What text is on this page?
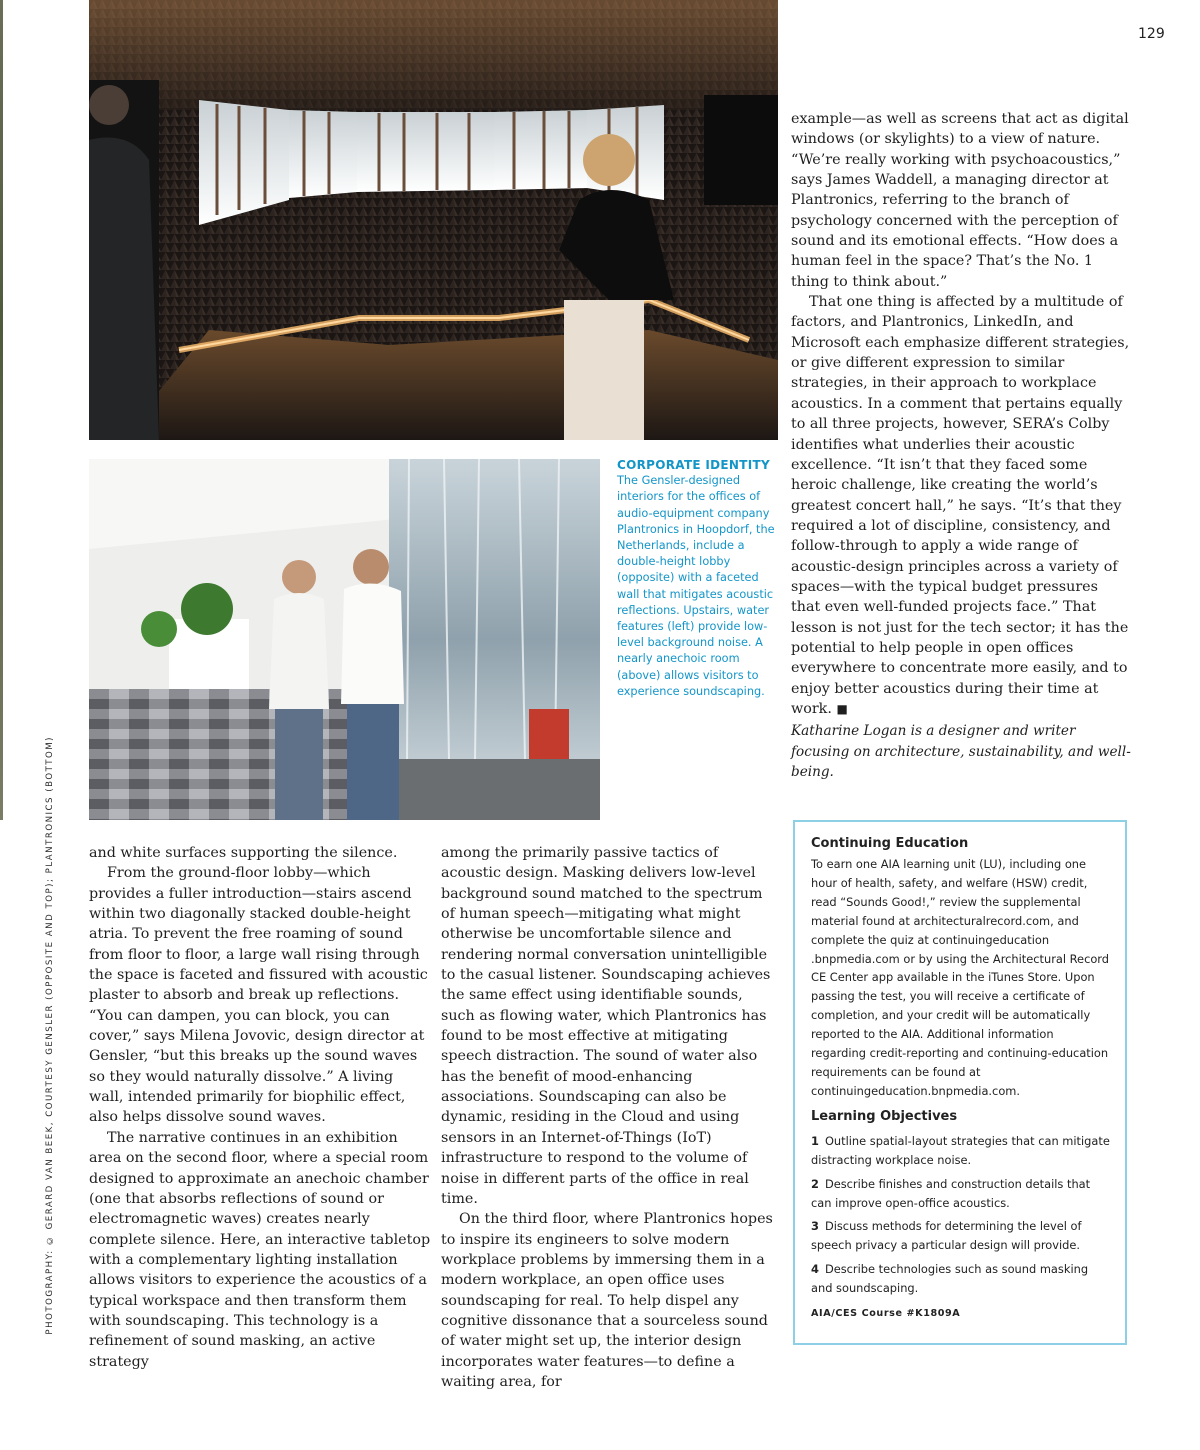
129
PHOTOGRAPHY: © GERARD VAN BEEK, COURTESY GENSLER (OPPOSITE AND TOP); PLANTRONICS (BOTTOM)
CORPORATE IDENTITY

The Gensler-designed interiors for the offices of audio-equipment company Plantronics in Hoopdorf, the Netherlands, include a double-height lobby (opposite) with a faceted wall that mitigates acoustic reflections. Upstairs, water features (left) provide low-level background noise. A nearly anechoic room (above) allows visitors to experience soundscaping.

example—as well as screens that act as digital windows (or skylights) to a view of nature. “We’re really working with psychoacoustics,” says James Waddell, a managing director at Plantronics, referring to the branch of psychology concerned with the perception of sound and its emotional effects. “How does a human feel in the space? That’s the No. 1 thing to think about.”

That one thing is affected by a multitude of factors, and Plantronics, LinkedIn, and Microsoft each emphasize different strategies, or give different expression to similar strategies, in their approach to workplace acoustics. In a comment that pertains equally to all three projects, however, SERA’s Colby identifies what underlies their acoustic excellence. “It isn’t that they faced some heroic challenge, like creating the world’s greatest concert hall,” he says. “It’s that they required a lot of discipline, consistency, and follow-through to apply a wide range of acoustic-design principles across a variety of spaces—with the typical budget pressures that even well-funded projects face.” That lesson is not just for the tech sector; it has the potential to help people in open offices everywhere to concentrate more easily, and to enjoy better acoustics during their time at work. ■

Katharine Logan is a designer and writer focusing on architecture, sustainability, and well-being.

and white surfaces supporting the silence.

From the ground-floor lobby—which provides a fuller introduction—stairs ascend within two diagonally stacked double-height atria. To prevent the free roaming of sound from floor to floor, a large wall rising through the space is faceted and fissured with acoustic plaster to absorb and break up reflections. “You can dampen, you can block, you can cover,” says Milena Jovovic, design director at Gensler, “but this breaks up the sound waves so they would naturally dissolve.” A living wall, intended primarily for biophilic effect, also helps dissolve sound waves.

The narrative continues in an exhibition area on the second floor, where a special room designed to approximate an anechoic chamber (one that absorbs reflections of sound or electromagnetic waves) creates nearly complete silence. Here, an interactive tabletop with a complementary lighting installation allows visitors to experience the acoustics of a typical workspace and then transform them with soundscaping. This technology is a refinement of sound masking, an active strategy

among the primarily passive tactics of acoustic design. Masking delivers low-level background sound matched to the spectrum of human speech—mitigating what might otherwise be uncomfortable silence and rendering normal conversation unintelligible to the casual listener. Soundscaping achieves the same effect using identifiable sounds, such as flowing water, which Plantronics has found to be most effective at mitigating speech distraction. The sound of water also has the benefit of mood-enhancing associations. Soundscaping can also be dynamic, residing in the Cloud and using sensors in an Internet-of-Things (IoT) infrastructure to respond to the volume of noise in different parts of the office in real time.

On the third floor, where Plantronics hopes to inspire its engineers to solve modern workplace problems by immersing them in a modern workplace, an open office uses soundscaping for real. To help dispel any cognitive dissonance that a sourceless sound of water might set up, the interior design incorporates water features—to define a waiting area, for

Continuing Education

To earn one AIA learning unit (LU), including one hour of health, safety, and welfare (HSW) credit, read “Sounds Good!,” review the supplemental material found at architecturalrecord.com, and complete the quiz at continuingeducation .bnpmedia.com or by using the Architectural Record CE Center app available in the iTunes Store. Upon passing the test, you will receive a certificate of completion, and your credit will be automatically reported to the AIA. Additional information regarding credit-reporting and continuing-education requirements can be found at continuingeducation.bnpmedia.com.

Learning Objectives
1 Outline spatial-layout strategies that can mitigate distracting workplace noise.
2 Describe finishes and construction details that can improve open-office acoustics.
3 Discuss methods for determining the level of speech privacy a particular design will provide.
4 Describe technologies such as sound masking and soundscaping.
AIA/CES Course #K1809A
